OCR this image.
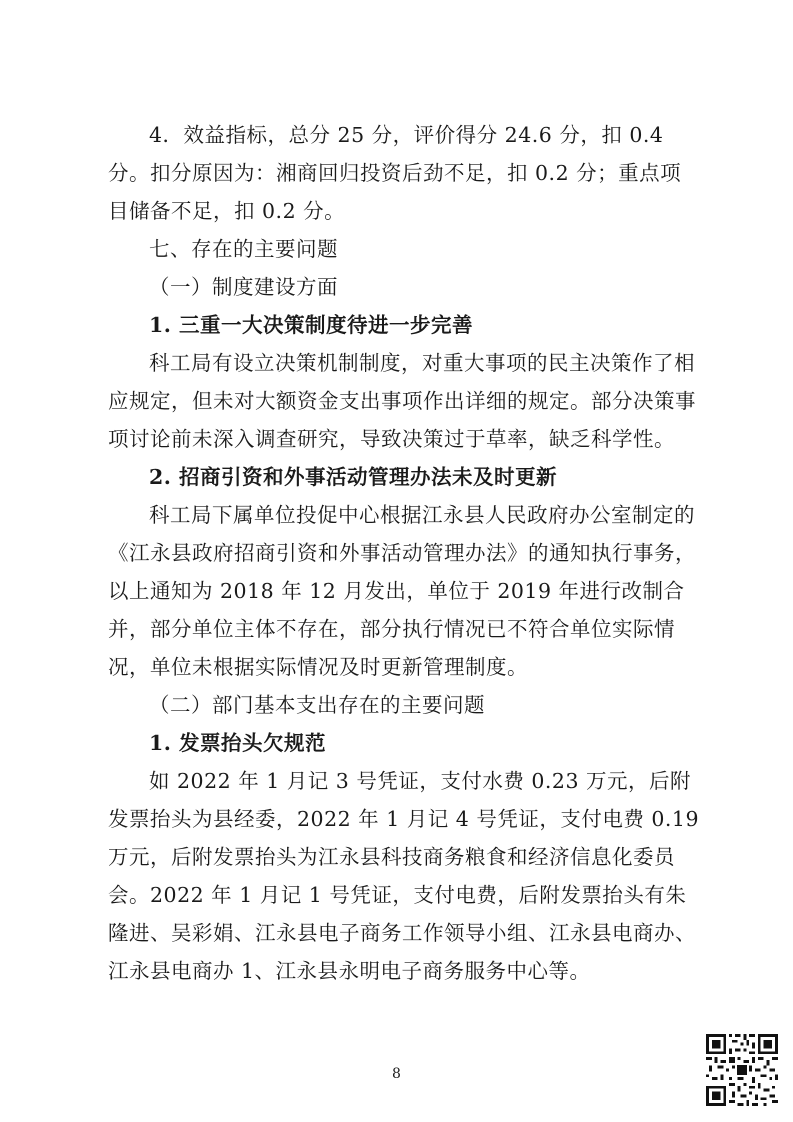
4．效益指标，总分 25 分，评价得分 24.6 分，扣 0.4 分。扣分原因为：湘商回归投资后劲不足，扣 0.2 分；重点项目储备不足，扣 0.2 分。

七、存在的主要问题

（一）制度建设方面

1. 三重一大决策制度待进一步完善

科工局有设立决策机制制度，对重大事项的民主决策作了相应规定，但未对大额资金支出事项作出详细的规定。部分决策事项讨论前未深入调查研究，导致决策过于草率，缺乏科学性。

2. 招商引资和外事活动管理办法未及时更新

科工局下属单位投促中心根据江永县人民政府办公室制定的《江永县政府招商引资和外事活动管理办法》的通知执行事务，以上通知为 2018 年 12 月发出，单位于 2019 年进行改制合并，部分单位主体不存在，部分执行情况已不符合单位实际情况，单位未根据实际情况及时更新管理制度。

（二）部门基本支出存在的主要问题

1. 发票抬头欠规范

如 2022 年 1 月记 3 号凭证，支付水费 0.23 万元，后附发票抬头为县经委，2022 年 1 月记 4 号凭证，支付电费 0.19 万元，后附发票抬头为江永县科技商务粮食和经济信息化委员会。2022 年 1 月记 1 号凭证，支付电费，后附发票抬头有朱隆进、吴彩娟、江永县电子商务工作领导小组、江永县电商办、江永县电商办 1、江永县永明电子商务服务中心等。

8
